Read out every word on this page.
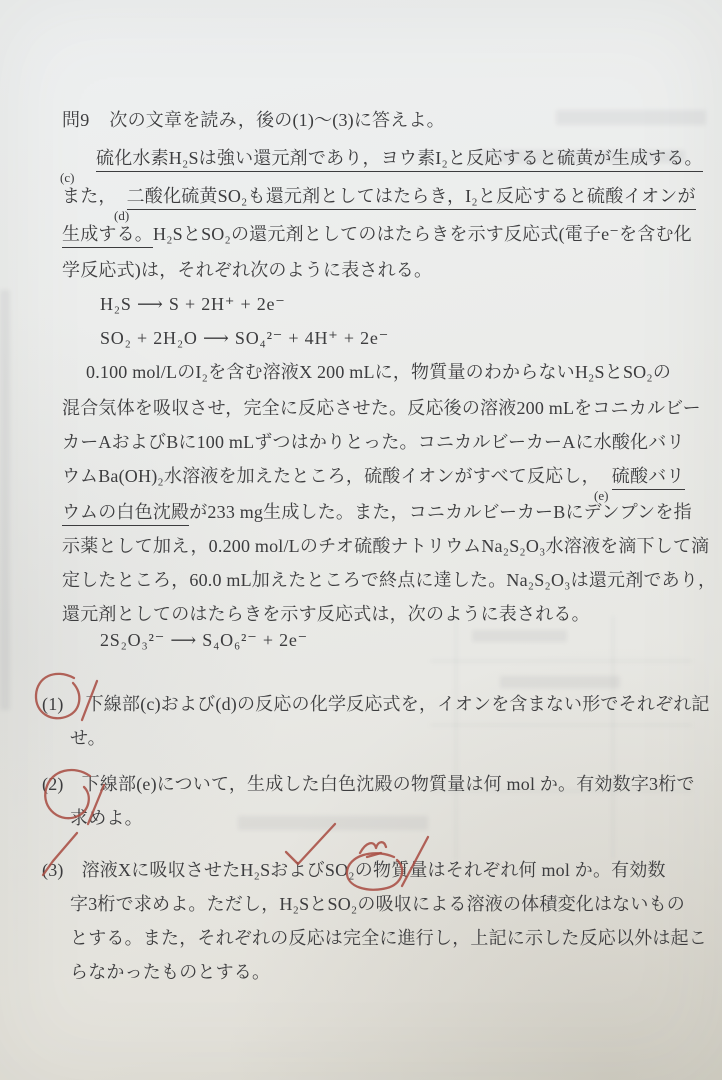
問9 次の文章を読み，後の(1)～(3)に答えよ。
硫化水素H₂Sは強い還元剤であり，ヨウ素I₂と反応すると硫黄が生成する。
また， 二酸化硫黄SO₂も還元剤としてはたらき，I₂と反応すると硫酸イオンが
生成する。H₂SとSO₂の還元剤としてのはたらきを示す反応式(電子e⁻を含む化
学反応式)は，それぞれ次のように表される。
H₂S ⟶ S + 2H⁺ + 2e⁻
SO₂ + 2H₂O ⟶ SO₄²⁻ + 4H⁺ + 2e⁻
0.100 mol/LのI₂を含む溶液X 200 mLに，物質量のわからないH₂SとSO₂の
混合気体を吸収させ，完全に反応させた。反応後の溶液200 mLをコニカルビー
カーAおよびBに100 mLずつはかりとった。コニカルビーカーAに水酸化バリ
ウムBa(OH)₂水溶液を加えたところ，硫酸イオンがすべて反応し， 硫酸バリ
ウムの白色沈殿が233 mg生成した。また，コニカルビーカーBにデンプンを指
示薬として加え，0.200 mol/Lのチオ硫酸ナトリウムNa₂S₂O₃水溶液を滴下して滴
定したところ，60.0 mL加えたところで終点に達した。Na₂S₂O₃は還元剤であり，
還元剤としてのはたらきを示す反応式は，次のように表される。
2S₂O₃²⁻ ⟶ S₄O₆²⁻ + 2e⁻
(1) 下線部(c)および(d)の反応の化学反応式を，イオンを含まない形でそれぞれ記
せ。
(2) 下線部(e)について，生成した白色沈殿の物質量は何 mol か。有効数字3桁で
求めよ。
(3) 溶液Xに吸収させたH₂SおよびSO₂の物質量はそれぞれ何 mol か。有効数
字3桁で求めよ。ただし，H₂SとSO₂の吸収による溶液の体積変化はないもの
とする。また，それぞれの反応は完全に進行し，上記に示した反応以外は起こ
らなかったものとする。
(c)
(d)
(e)
